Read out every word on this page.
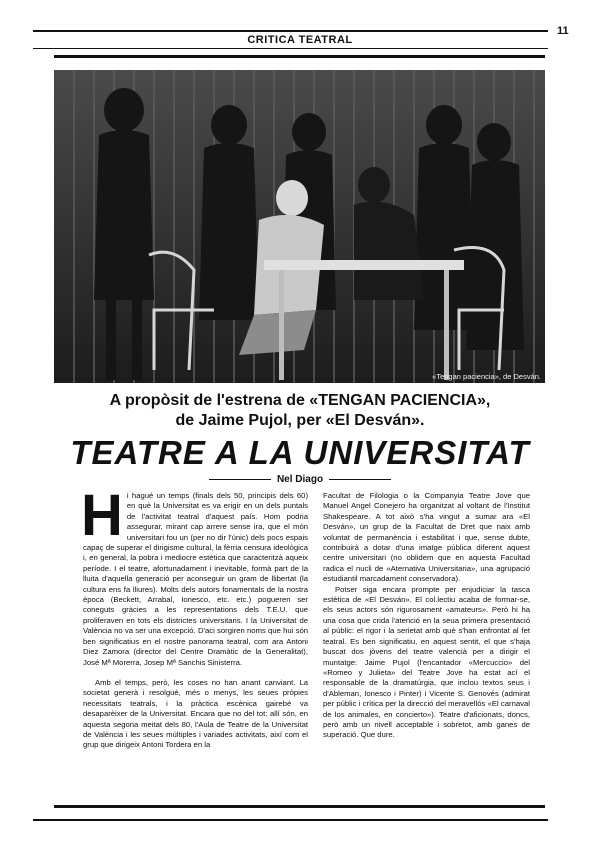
CRITICA TEATRAL
11
«Tengan paciencia», de Desván.
A propòsit de l'estrena de «TENGAN PACIENCIA»,
de Jaime Pujol, per «El Desván».
TEATRE A LA UNIVERSITAT
Nel Diago
H i hagué un temps (finals dels 50, principis dels 60) en què la Universitat es va erigir en un dels puntals de l'activitat teatral d'aquest país. Hom podria assegurar, mirant cap arrere sense ira, que el món universitari fou un (per no dir l'únic) dels pocs espais capaç de superar el dirigisme cultural, la fèrria censura ideològica i, en general, la pobra i mediocre estètica que caracteritzà aqueix període. I el teatre, afortunadament i inevitable, formà part de la lluita d'aquella generació per aconseguir un gram de llibertat (la cultura ens fa lliures). Molts dels autors fonamentals de la nostra època (Beckett, Arrabal, Ionesco, etc. etc.) pogueren ser coneguts gràcies a les representations dels T.E.U. que proliferaven en tots els districtes universitaris. I la Universitat de València no va ser una excepció. D'aci sorgiren noms que hui són ben significatius en el nostre panorama teatral, com ara Antoni Diez Zamora (director del Centre Dramàtic de la Generalitat), José Mª Morerra, Josep Mª Sanchis Sinisterra.

Amb el temps, però, les coses no han anant canviant. La societat generà i resolgué, més o menys, les seues pròpies necessitats teatrals, i la pràctica escènica gairebé va desaparèixer de la Universitat. Encara que no del tot: allí són, en aquesta segona meitat dels 80, l'Aula de Teatre de la Universitat de València i les seues múltiples i variades activitats, així com el grup que dirigeix Antoni Tordera en la

Facultat de Filologia o la Companyia Teatre Jove que Manuel Angel Conejero ha organitzat al voltant de l'Institut Shakespeare. A tot això s'ha vingut a sumar ara «El Desván», un grup de la Facultat de Dret que naix amb voluntat de permanència i estabilitat i que, sense dubte, contribuirà a dotar d'una imatge pública diferent aquest centre universitari (no oblidem que en aquesta Facultad radica el nucli de «Aternativa Universitaria», una agrupació estudiantil marcadament conservadora).

Potser siga encara prompte per enjudiciar la tasca estètica de «El Desván». El col.lectiu acaba de formar-se, els seus actors són rigurosament «amateurs». Però hi ha una cosa que crida l'atenció en la seua primera presentació al públic: el rigor i la serietat amb què s'han enfrontat al fet teatral. Es ben significatiu, en aquest sentit, el que s'haja buscat dos jòvens del teatre valencià per a dirigir el muntatge: Jaime Pujol (l'encantador «Mercuccio» del «Romeo y Julieta» del Teatre Jove ha estat ací el responsable de la dramatúrgia, que inclou textos seus i d'Ableman, Ionesco i Pinter) i Vicente S. Genovés (admirat per públic i crítica per la direcció del meravellós «El carnaval de los animales, en concierto»). Teatre d'aficionats, doncs, però amb un nivell acceptable i sobretot, amb ganes de superació. Que dure.
